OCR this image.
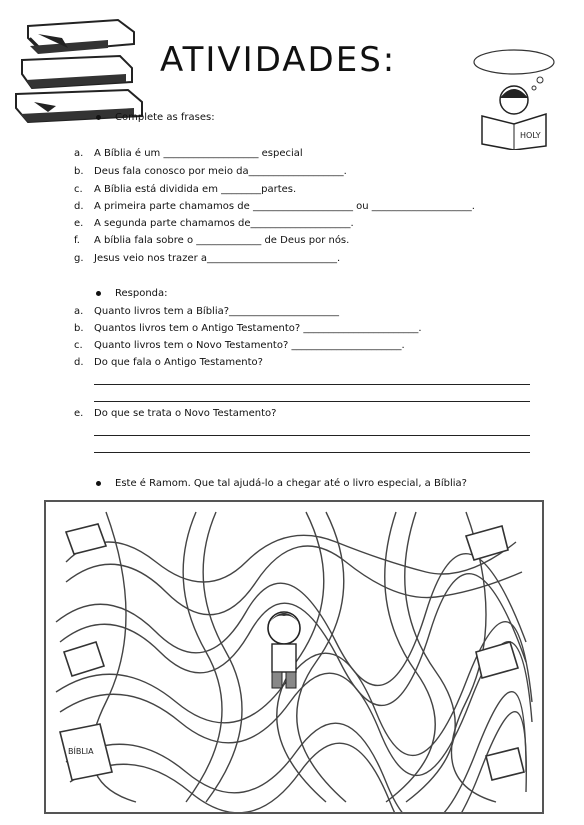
ATIVIDADES:
HOLY
Complete as frases:
a. A Bíblia é um ___________________ especial
b. Deus fala conosco por meio da___________________.
c. A Bíblia está dividida em ________partes.
d. A primeira parte chamamos de ____________________ ou ____________________.
e. A segunda parte chamamos de____________________.
f. A bíblia fala sobre o _____________ de Deus por nós.
g. Jesus veio nos trazer a__________________________.
Responda:
a. Quanto livros tem a Bíblia?______________________
b. Quantos livros tem o Antigo Testamento? _______________________.
c. Quanto livros tem o Novo Testamento? ______________________.
d. Do que fala o Antigo Testamento?
e. Do que se trata o Novo Testamento?
Este é Ramom. Que tal ajudá-lo a chegar até o livro especial, a Bíblia?
BÍBLIA
